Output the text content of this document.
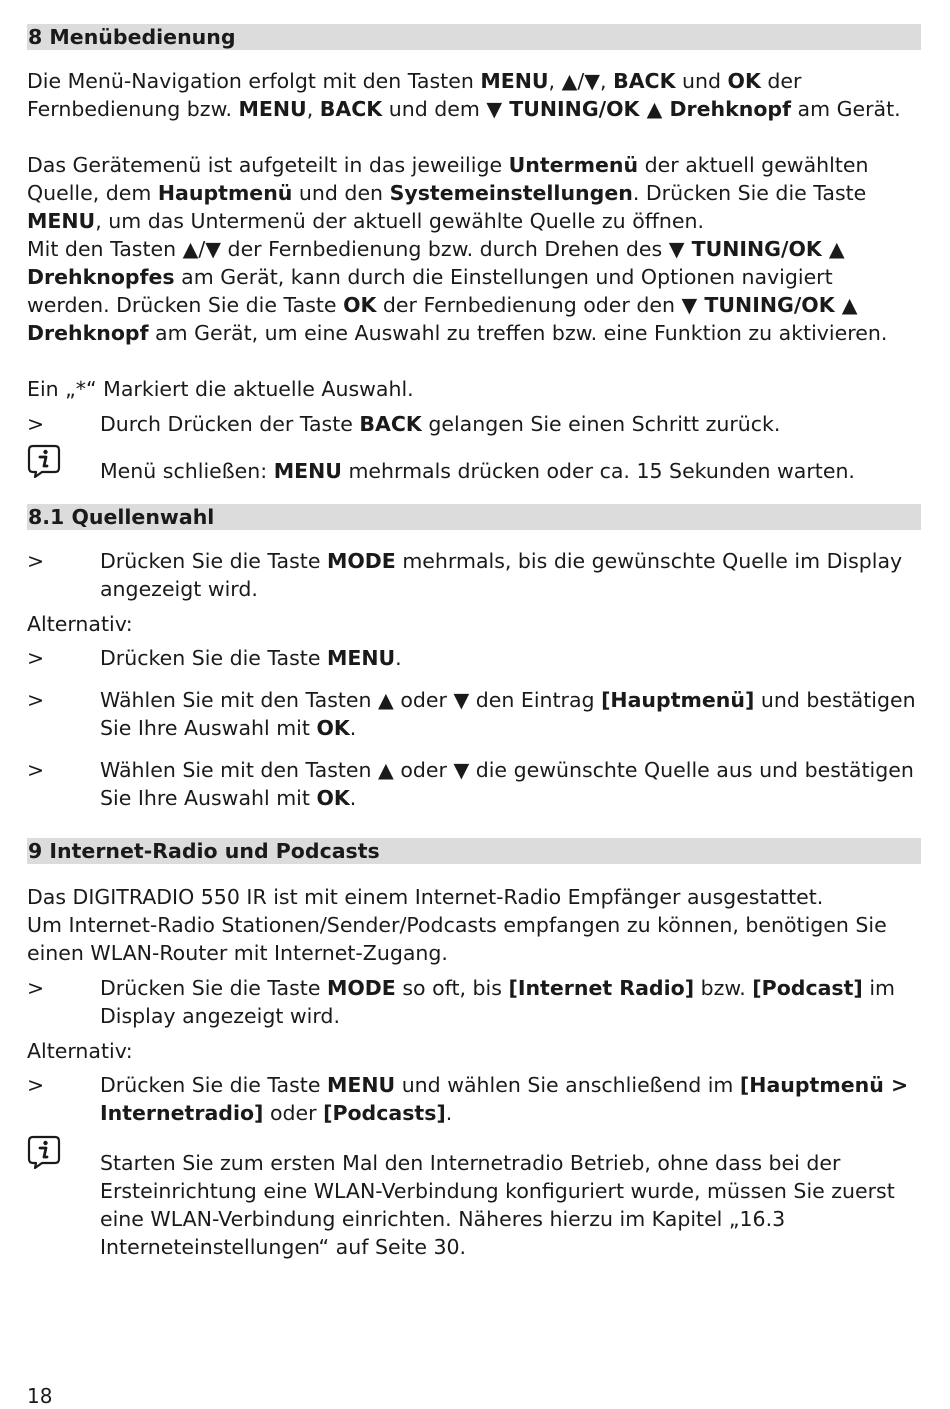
8 Menübedienung

Die Menü-Navigation erfolgt mit den Tasten MENU, ▲/▼, BACK und OK der Fernbedienung bzw. MENU, BACK und dem ▼ TUNING/OK ▲ Drehknopf am Gerät.

Das Gerätemenü ist aufgeteilt in das jeweilige Untermenü der aktuell gewählten Quelle, dem Hauptmenü und den Systemeinstellungen. Drücken Sie die Taste MENU, um das Untermenü der aktuell gewählte Quelle zu öffnen.

Mit den Tasten ▲/▼ der Fernbedienung bzw. durch Drehen des ▼ TUNING/OK ▲ Drehknopfes am Gerät, kann durch die Einstellungen und Optionen navigiert werden. Drücken Sie die Taste OK der Fernbedienung oder den ▼ TUNING/OK ▲ Drehknopf am Gerät, um eine Auswahl zu treffen bzw. eine Funktion zu aktivieren.

Ein „*“ Markiert die aktuelle Auswahl.

>	Durch Drücken der Taste BACK gelangen Sie einen Schritt zurück.
Menü schließen: MENU mehrmals drücken oder ca. 15 Sekunden warten.
8.1 Quellenwahl
>	Drücken Sie die Taste MODE mehrmals, bis die gewünschte Quelle im Display angezeigt wird.

Alternativ:

>	Drücken Sie die Taste MENU.
>	Wählen Sie mit den Tasten ▲ oder ▼ den Eintrag [Hauptmenü] und bestätigen Sie Ihre Auswahl mit OK.
>	Wählen Sie mit den Tasten ▲ oder ▼ die gewünschte Quelle aus und bestätigen Sie Ihre Auswahl mit OK.
9 Internet-Radio und Podcasts

Das DIGITRADIO 550 IR ist mit einem Internet-Radio Empfänger ausgestattet.

Um Internet-Radio Stationen/Sender/Podcasts empfangen zu können, benötigen Sie einen WLAN-Router mit Internet-Zugang.

>	Drücken Sie die Taste MODE so oft, bis [Internet Radio] bzw. [Podcast] im Display angezeigt wird.

Alternativ:

>	Drücken Sie die Taste MENU und wählen Sie anschließend im [Hauptmenü > Internetradio] oder [Podcasts].
Starten Sie zum ersten Mal den Internetradio Betrieb, ohne dass bei der Ersteinrichtung eine WLAN-Verbindung konfiguriert wurde, müssen Sie zuerst eine WLAN-Verbindung einrichten. Näheres hierzu im Kapitel „16.3 Interneteinstellungen“ auf Seite 30.
18
